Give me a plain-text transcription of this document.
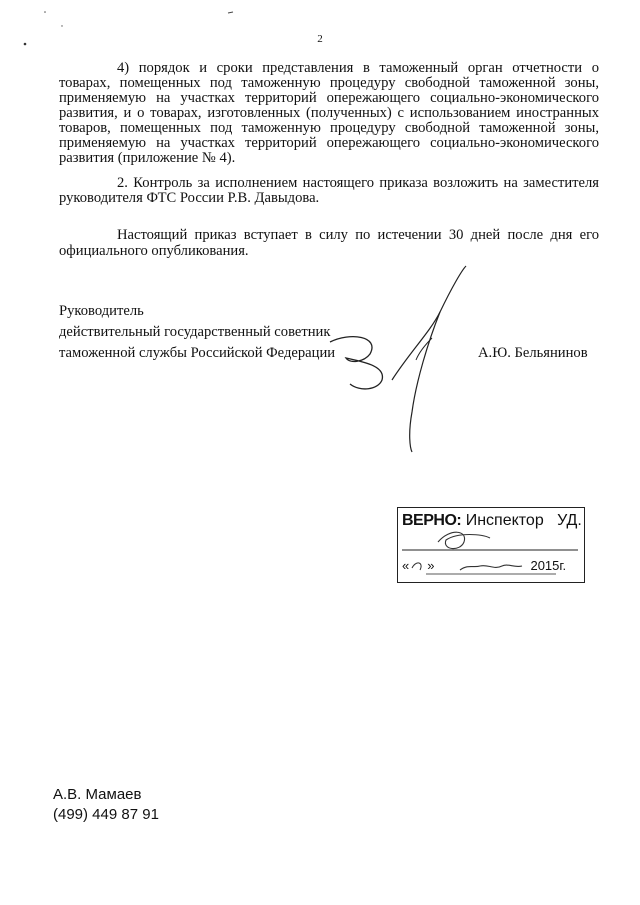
2

4) порядок и сроки представления в таможенный орган отчетности о товарах, помещенных под таможенную процедуру свободной таможенной зоны, применяемую на участках территорий опережающего социально-экономического развития, и о товарах, изготовленных (полученных) с использованием иностранных товаров, помещенных под таможенную процедуру свободной таможенной зоны, применяемую на участках территорий опережающего социально-экономического развития (приложение № 4).

2. Контроль за исполнением настоящего приказа возложить на заместителя руководителя ФТС России Р.В. Давыдова.

Настоящий приказ вступает в силу по истечении 30 дней после дня его официального опубликования.

Руководитель
действительный государственный советник
таможенной службы Российской Федерации	А.Ю. Бельянинов
ВЕРНО: Инспектор УД.
« »	2015г.
А.В. Мамаев
(499) 449 87 91
